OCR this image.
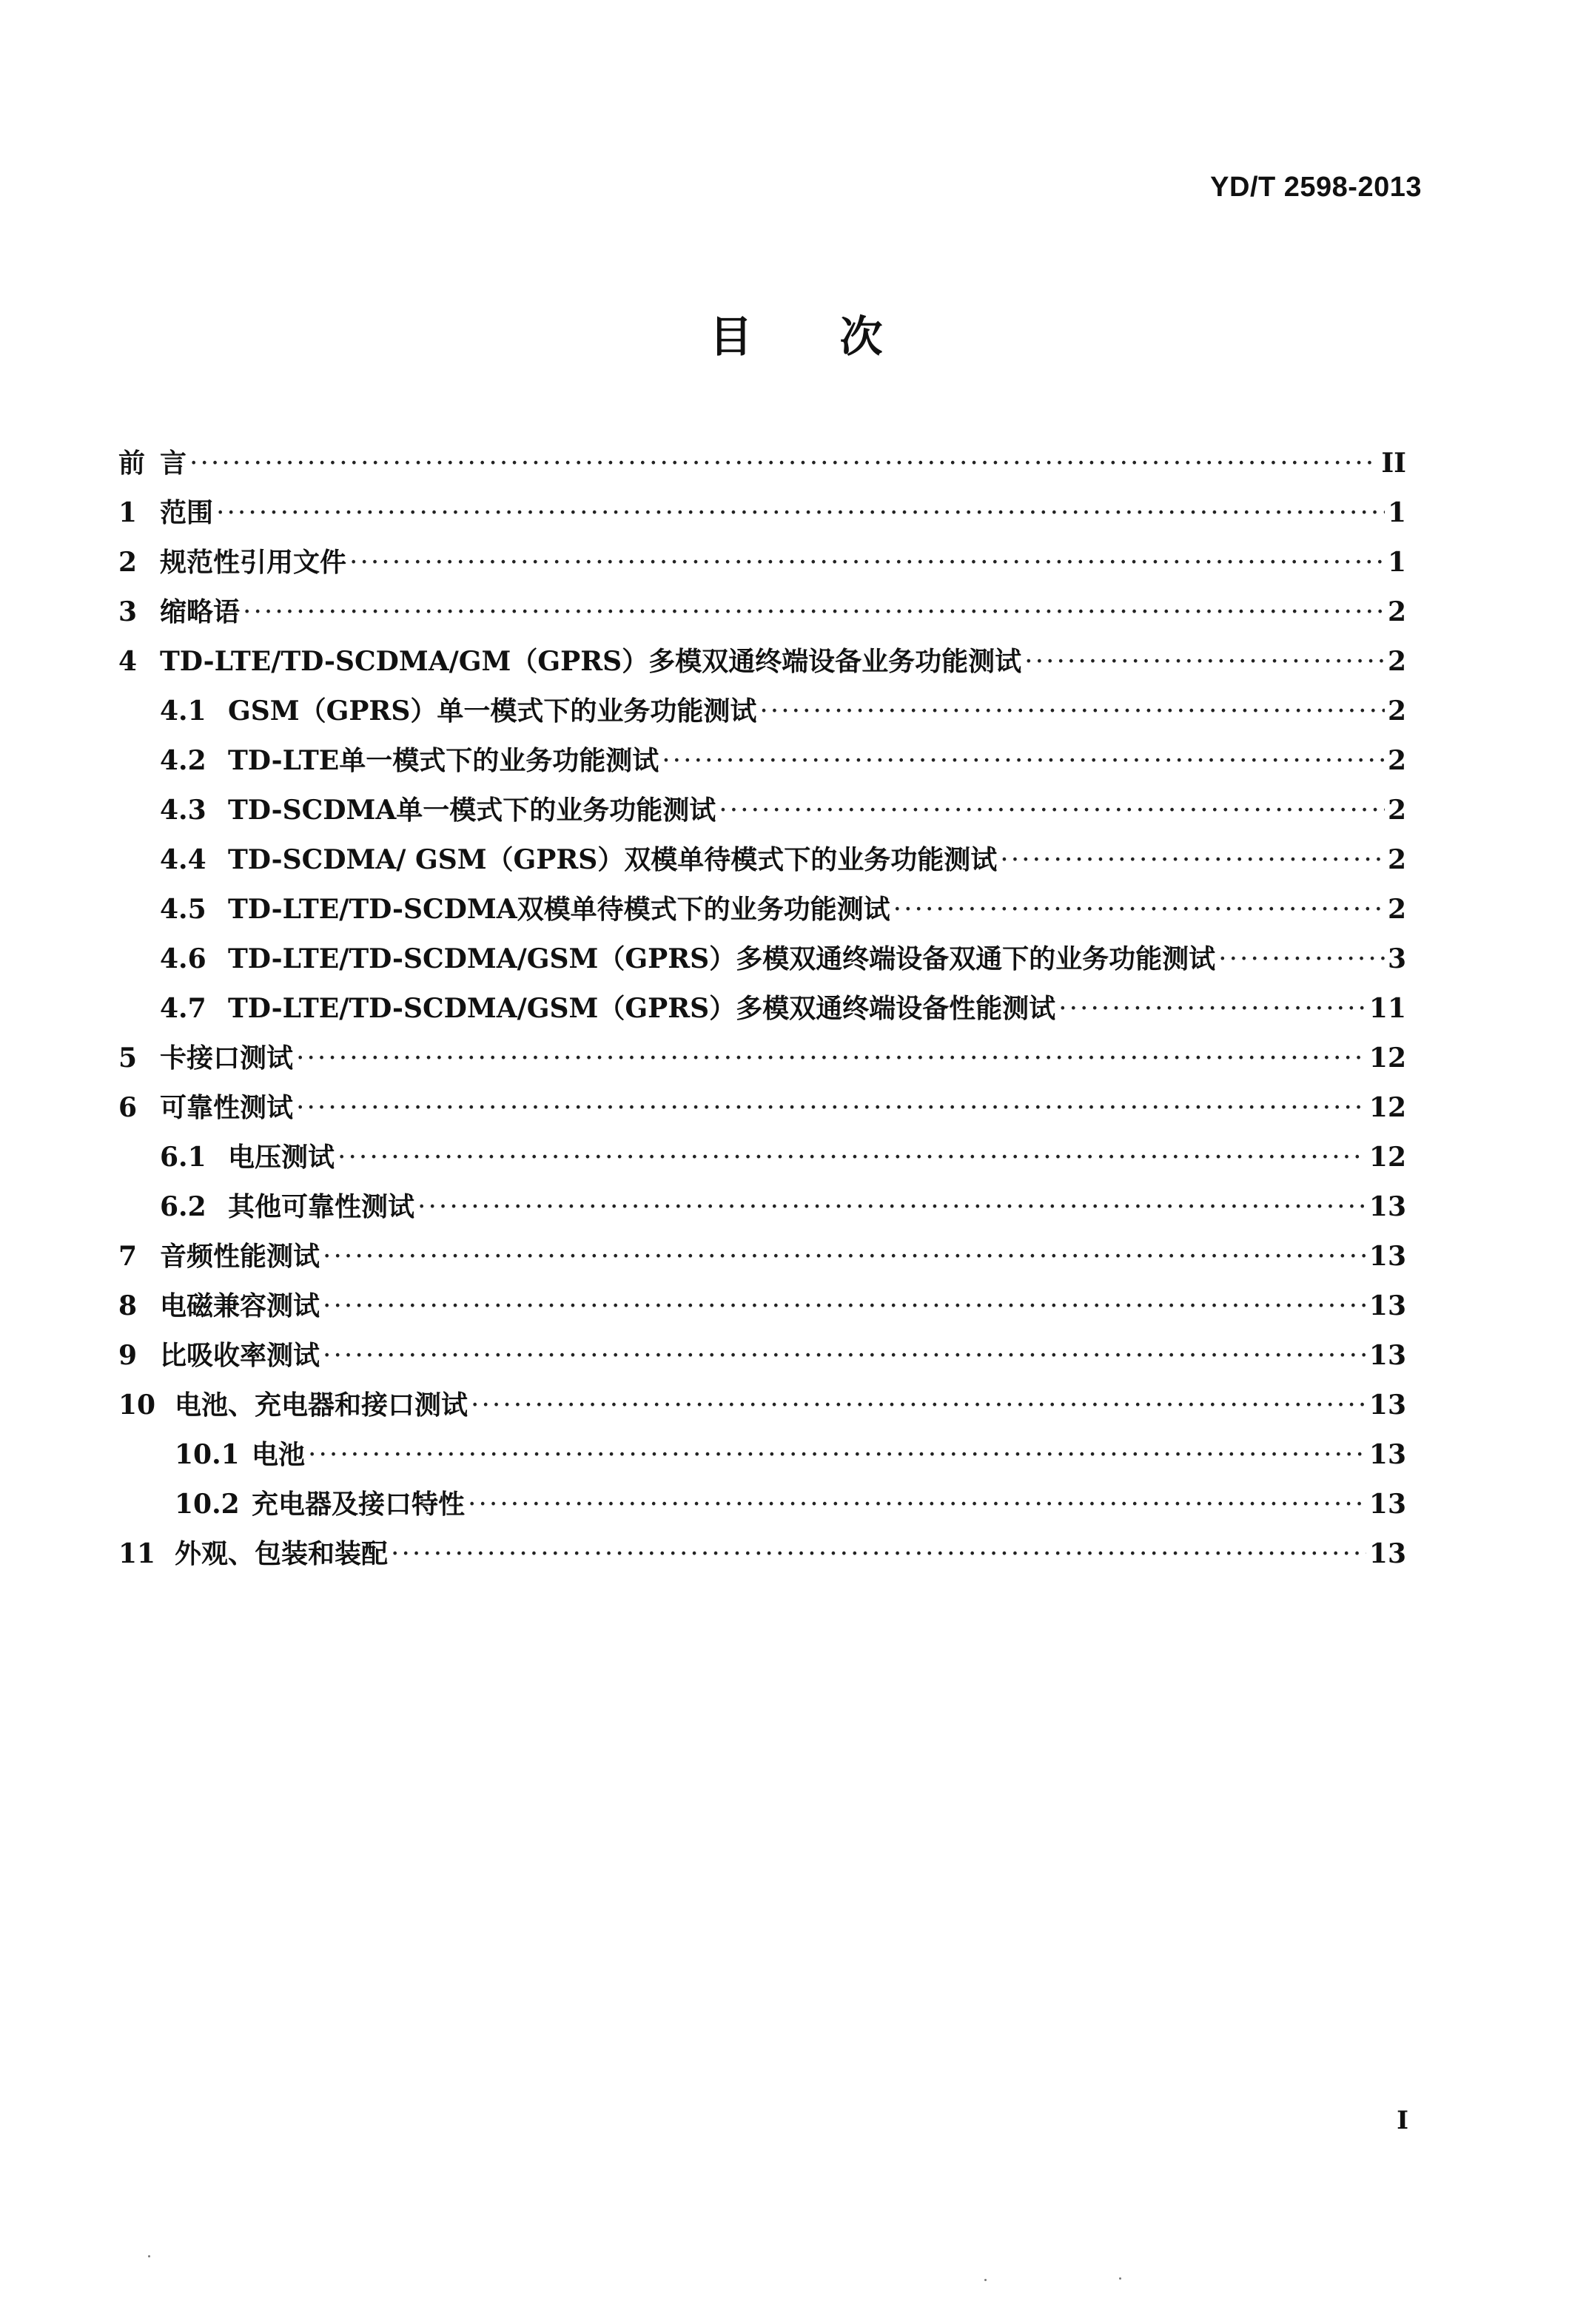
YD/T 2598-2013
目次
前 言 ·····	II
1 范围 ·····	1
2 规范性引用文件 ·····	1
3 缩略语 ·····	2
4 TD-LTE/TD-SCDMA/GM（GPRS）多模双通终端设备业务功能测试 ·····	2
4.1 GSM（GPRS）单一模式下的业务功能测试 ·····	2
4.2 TD-LTE单一模式下的业务功能测试 ·····	2
4.3 TD-SCDMA单一模式下的业务功能测试 ·····	2
4.4 TD-SCDMA/ GSM（GPRS）双模单待模式下的业务功能测试 ·····	2
4.5 TD-LTE/TD-SCDMA双模单待模式下的业务功能测试 ·····	2
4.6 TD-LTE/TD-SCDMA/GSM（GPRS）多模双通终端设备双通下的业务功能测试 ·····	3
4.7 TD-LTE/TD-SCDMA/GSM（GPRS）多模双通终端设备性能测试 ·····	11
5 卡接口测试 ·····	12
6 可靠性测试 ·····	12
6.1 电压测试 ·····	12
6.2 其他可靠性测试 ·····	13
7 音频性能测试 ·····	13
8 电磁兼容测试 ·····	13
9 比吸收率测试 ·····	13
10 电池、充电器和接口测试 ·····	13
10.1 电池 ·····	13
10.2 充电器及接口特性 ·····	13
11 外观、包装和装配 ·····	13
I
